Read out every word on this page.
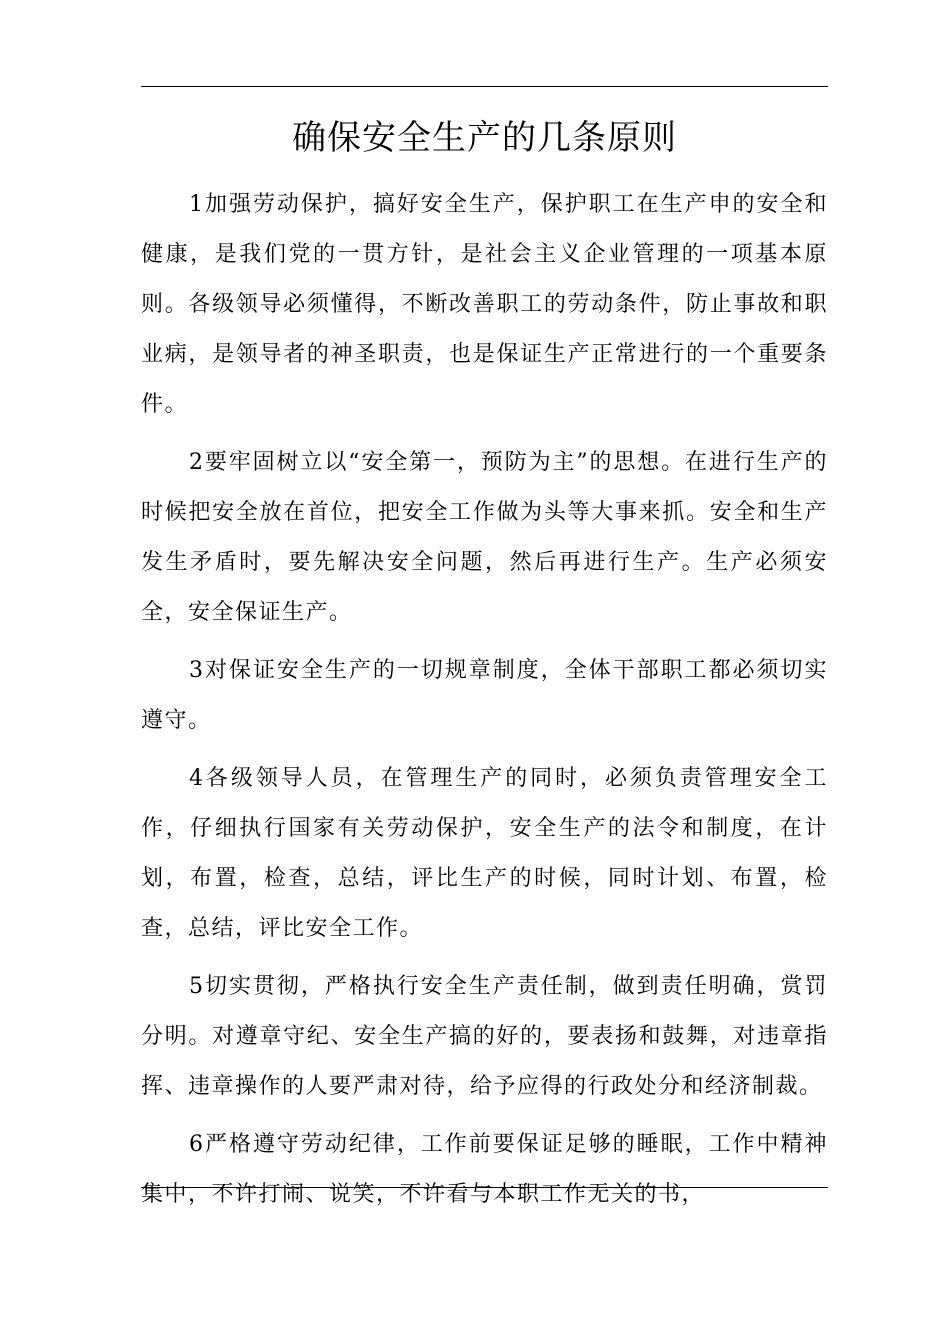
确保安全生产的几条原则

1加强劳动保护，搞好安全生产，保护职工在生产申的安全和健康，是我们党的一贯方针，是社会主义企业管理的一项基本原则。各级领导必须懂得，不断改善职工的劳动条件，防止事故和职业病，是领导者的神圣职责，也是保证生产正常进行的一个重要条件。

2要牢固树立以“安全第一，预防为主”的思想。在进行生产的时候把安全放在首位，把安全工作做为头等大事来抓。安全和生产发生矛盾时，要先解决安全问题，然后再进行生产。生产必须安全，安全保证生产。

3对保证安全生产的一切规章制度，全体干部职工都必须切实遵守。

4各级领导人员，在管理生产的同时，必须负责管理安全工作，仔细执行国家有关劳动保护，安全生产的法令和制度，在计划，布置，检查，总结，评比生产的时候，同时计划、布置，检查，总结，评比安全工作。

5切实贯彻，严格执行安全生产责任制，做到责任明确，赏罚分明。对遵章守纪、安全生产搞的好的，要表扬和鼓舞，对违章指挥、违章操作的人要严肃对待，给予应得的行政处分和经济制裁。

6严格遵守劳动纪律，工作前要保证足够的睡眠，工作中精神集中，不许打闹、说笑，不许看与本职工作无关的书，
